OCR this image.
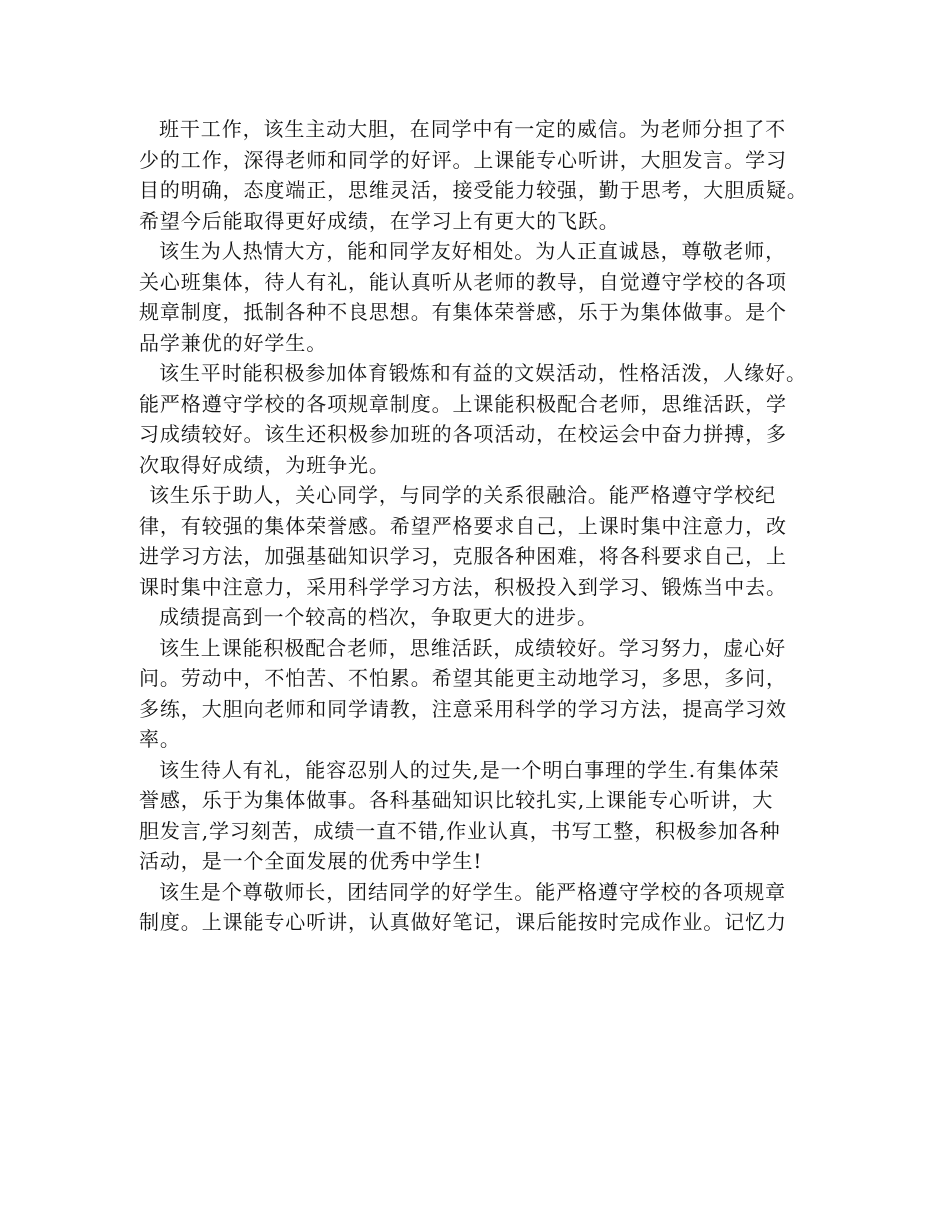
班干工作，该生主动大胆，在同学中有一定的威信。为老师分担了不
少的工作，深得老师和同学的好评。上课能专心听讲，大胆发言。学习
目的明确，态度端正，思维灵活，接受能力较强，勤于思考，大胆质疑。
希望今后能取得更好成绩，在学习上有更大的飞跃。
该生为人热情大方，能和同学友好相处。为人正直诚恳，尊敬老师，
关心班集体，待人有礼，能认真听从老师的教导，自觉遵守学校的各项
规章制度，抵制各种不良思想。有集体荣誉感，乐于为集体做事。是个
品学兼优的好学生。
该生平时能积极参加体育锻炼和有益的文娱活动，性格活泼，人缘好。
能严格遵守学校的各项规章制度。上课能积极配合老师，思维活跃，学
习成绩较好。该生还积极参加班的各项活动，在校运会中奋力拼搏，多
次取得好成绩，为班争光。
该生乐于助人，关心同学，与同学的关系很融洽。能严格遵守学校纪
律，有较强的集体荣誉感。希望严格要求自己，上课时集中注意力，改
进学习方法，加强基础知识学习，克服各种困难，将各科要求自己，上
课时集中注意力，采用科学学习方法，积极投入到学习、锻炼当中去。
成绩提高到一个较高的档次，争取更大的进步。
该生上课能积极配合老师，思维活跃，成绩较好。学习努力，虚心好
问。劳动中，不怕苦、不怕累。希望其能更主动地学习，多思，多问，
多练，大胆向老师和同学请教，注意采用科学的学习方法，提高学习效
率。
该生待人有礼，能容忍别人的过失,是一个明白事理的学生.有集体荣
誉感，乐于为集体做事。各科基础知识比较扎实,上课能专心听讲，大
胆发言,学习刻苦，成绩一直不错,作业认真，书写工整，积极参加各种
活动，是一个全面发展的优秀中学生!
该生是个尊敬师长，团结同学的好学生。能严格遵守学校的各项规章
制度。上课能专心听讲，认真做好笔记，课后能按时完成作业。记忆力
